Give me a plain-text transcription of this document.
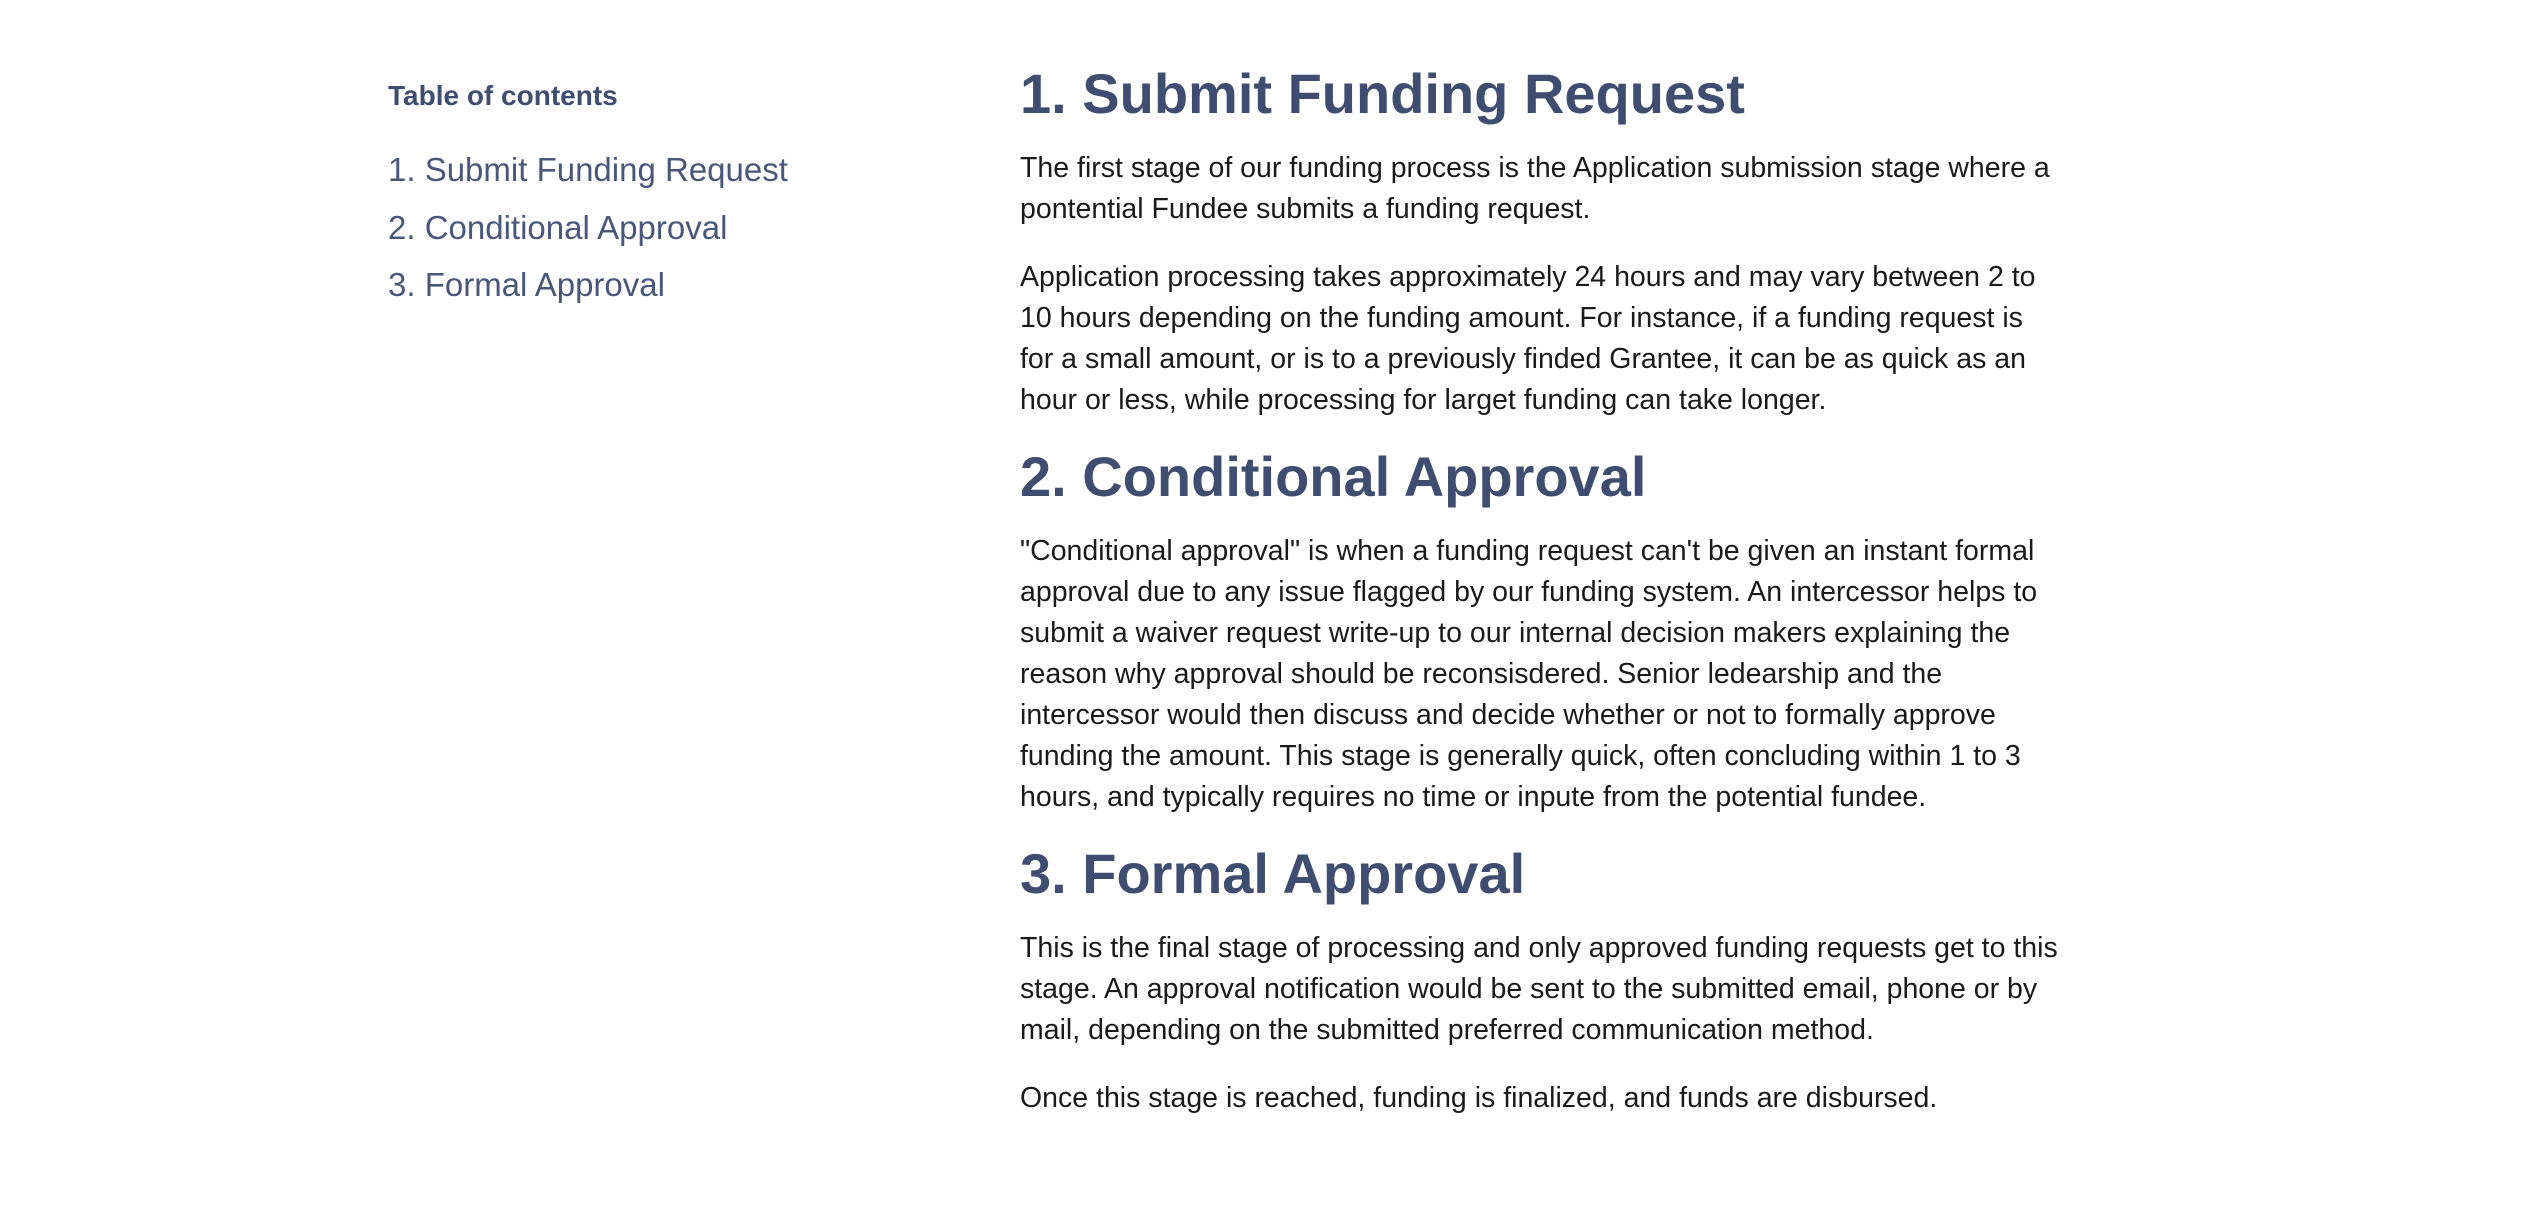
Table of contents
1. Submit Funding Request
2. Conditional Approval
3. Formal Approval
1. Submit Funding Request

The first stage of our funding process is the Application submission stage where a pontential Fundee submits a funding request.

Application processing takes approximately 24 hours and may vary between 2 to 10 hours depending on the funding amount. For instance, if a funding request is for a small amount, or is to a previously finded Grantee, it can be as quick as an hour or less, while processing for larget funding can take longer.

2. Conditional Approval

"Conditional approval" is when a funding request can't be given an instant formal approval due to any issue flagged by our funding system. An intercessor helps to submit a waiver request write-up to our internal decision makers explaining the reason why approval should be reconsisdered. Senior ledearship and the intercessor would then discuss and decide whether or not to formally approve funding the amount. This stage is generally quick, often concluding within 1 to 3 hours, and typically requires no time or inpute from the potential fundee.

3. Formal Approval

This is the final stage of processing and only approved funding requests get to this stage. An approval notification would be sent to the submitted email, phone or by mail, depending on the submitted preferred communication method.

Once this stage is reached, funding is finalized, and funds are disbursed.
